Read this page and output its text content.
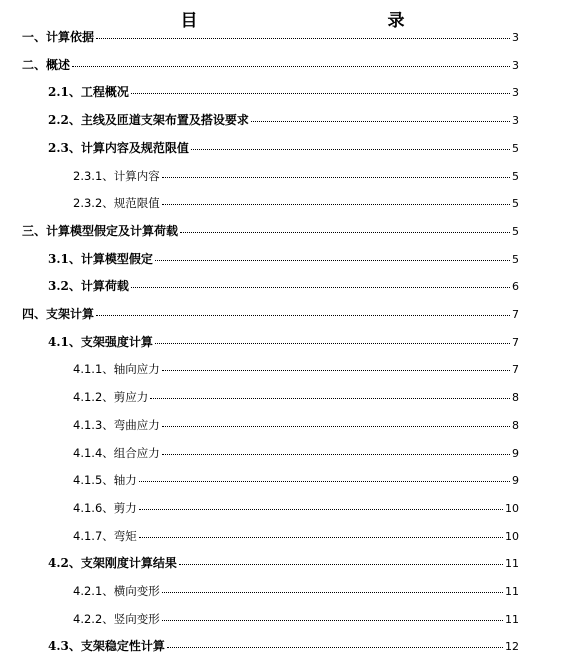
目　　录
一、计算依据	3
二、概述	3
2.1、工程概况	3
2.2、主线及匝道支架布置及搭设要求	3
2.3、计算内容及规范限值	5
2.3.1、计算内容	5
2.3.2、规范限值	5
三、计算模型假定及计算荷载	5
3.1、计算模型假定	5
3.2、计算荷载	6
四、支架计算	7
4.1、支架强度计算	7
4.1.1、轴向应力	7
4.1.2、剪应力	8
4.1.3、弯曲应力	8
4.1.4、组合应力	9
4.1.5、轴力	9
4.1.6、剪力	10
4.1.7、弯矩	10
4.2、支架刚度计算结果	11
4.2.1、横向变形	11
4.2.2、竖向变形	11
4.3、支架稳定性计算	12
